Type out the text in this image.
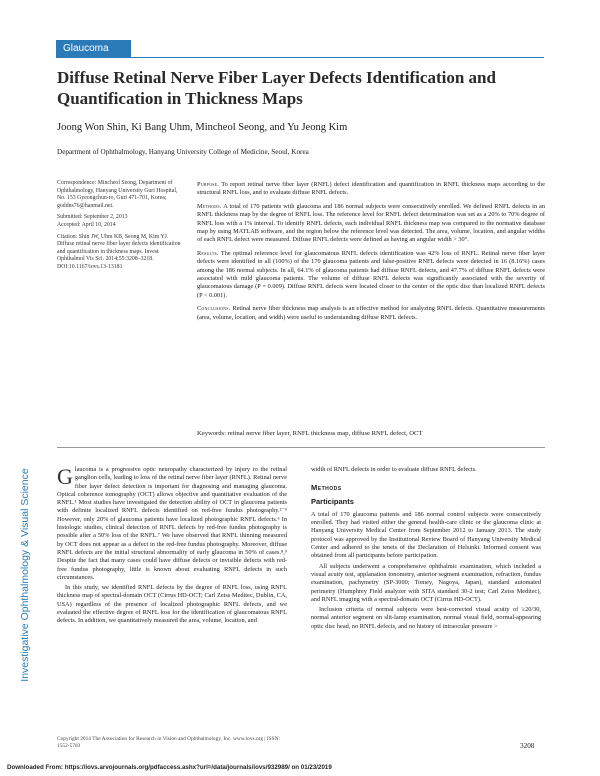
Glaucoma
Diffuse Retinal Nerve Fiber Layer Defects Identification and Quantification in Thickness Maps
Joong Won Shin, Ki Bang Uhm, Mincheol Seong, and Yu Jeong Kim
Department of Ophthalmology, Hanyang University College of Medicine, Seoul, Korea

Correspondence: Mincheol Seong, Department of Ophthalmology, Hanyang University Guri Hospital, No. 153 Gyeongchun-ro, Guri 471-701, Korea; goddns76@hanmail.net.

Submitted: September 2, 2013

Accepted: April 10, 2014

Citation: Shin JW, Uhm KB, Seong M, Kim YJ. Diffuse retinal nerve fiber layer defects identification and quantification in thickness maps. Invest Ophthalmol Vis Sci. 2014;55:3208–3218. DOI:10.1167/iovs.13-13181

Purpose. To report retinal nerve fiber layer (RNFL) defect identification and quantification in RNFL thickness maps according to the structural RNFL loss, and to evaluate diffuse RNFL defects.

Methods. A total of 170 patients with glaucoma and 186 normal subjects were consecutively enrolled. We defined RNFL defects in an RNFL thickness map by the degree of RNFL loss. The reference level for RNFL defect determination was set as a 20% to 70% degree of RNFL loss with a 1% interval. To identify RNFL defects, each individual RNFL thickness map was compared to the normative database map by using MATLAB software, and the region below the reference level was detected. The area, volume, location, and angular widths of each RNFL defect were measured. Diffuse RNFL defects were defined as having an angular width > 30°.

Results. The optimal reference level for glaucomatous RNFL defects identification was 42% loss of RNFL. Retinal nerve fiber layer defects were identified in all (100%) of the 170 glaucoma patients and false-positive RNFL defects were detected in 16 (8.16%) cases among the 186 normal subjects. In all, 64.1% of glaucoma patients had diffuse RNFL defects, and 47.7% of diffuse RNFL defects were associated with mild glaucoma patients. The volume of diffuse RNFL defects was significantly associated with the severity of glaucomatous damage (P = 0.009). Diffuse RNFL defects were located closer to the center of the optic disc than localized RNFL defects (P < 0.001).

Conclusions. Retinal nerve fiber thickness map analysis is an effective method for analyzing RNFL defects. Quantitative measurements (area, volume, location, and width) were useful to understanding diffuse RNFL defects.

Keywords: retinal nerve fiber layer, RNFL thickness map, diffuse RNFL defect, OCT
Investigative Ophthalmology & Visual Science Glaucoma is a progressive optic neuropathy characterized by injury to the retinal ganglion cells, leading to loss of the retinal nerve fiber layer (RNFL). Retinal nerve fiber layer defect detection is important for diagnosing and managing glaucoma. Optical coherence tomography (OCT) allows objective and quantitative evaluation of the RNFL.¹ Most studies have investigated the detection ability of OCT in glaucoma patients with definite localized RNFL defects identified on red-free fundus photography.²⁻⁵ However, only 20% of glaucoma patients have localized photographic RNFL defects.⁶ In histologic studies, clinical detection of RNFL defects by red-free fundus photography is possible after a 50% loss of the RNFL.⁷ We have observed that RNFL thinning measured by OCT does not appear as a defect in the red-free fundus photography. Moreover, diffuse RNFL defects are the initial structural abnormality of early glaucoma in 50% of cases.⁸,⁹ Despite the fact that many cases could have diffuse defects or invisible defects with red-free fundus photography, little is known about evaluating RNFL defects in such circumstances.

In this study, we identified RNFL defects by the degree of RNFL loss, using RNFL thickness map of spectral-domain OCT (Cirrus HD-OCT; Carl Zeiss Meditec, Dublin, CA, USA) regardless of the presence of localized photographic RNFL defects, and we evaluated the effective degree of RNFL loss for the identification of glaucomatous RNFL defects. In addition, we quantitatively measured the area, volume, location, and

width of RNFL defects in order to evaluate diffuse RNFL defects.

Methods
Participants

A total of 170 glaucoma patients and 186 normal control subjects were consecutively enrolled. They had visited either the general health-care clinic or the glaucoma clinic at Hanyang University Medical Center from September 2012 to January 2013. The study protocol was approved by the Institutional Review Board of Hanyang University Medical Center and adhered to the tenets of the Declaration of Helsinki. Informed consent was obtained from all participants before participation.

All subjects underwent a comprehensive ophthalmic examination, which included a visual acuity test, applanation tonometry, anterior segment examination, refraction, fundus examination, pachymetry (SP-3000; Tomey, Nagoya, Japan), standard automated perimetry (Humphrey Field analyzer with SITA standard 30-2 test; Carl Zeiss Meditec), and RNFL imaging with a spectral-domain OCT (Cirrus HD-OCT).

Inclusion criteria of normal subjects were best-corrected visual acuity of ≥20/30, normal anterior segment on slit-lamp examination, normal visual field, normal-appearing optic disc head, no RNFL defects, and no history of intraocular pressure >

Copyright 2014 The Association for Research in Vision and Ophthalmology, Inc. www.iovs.org | ISSN: 1552-5783	3208
Downloaded From: https://iovs.arvojournals.org/pdfaccess.ashx?url=/data/journals/iovs/932989/ on 01/23/2019
